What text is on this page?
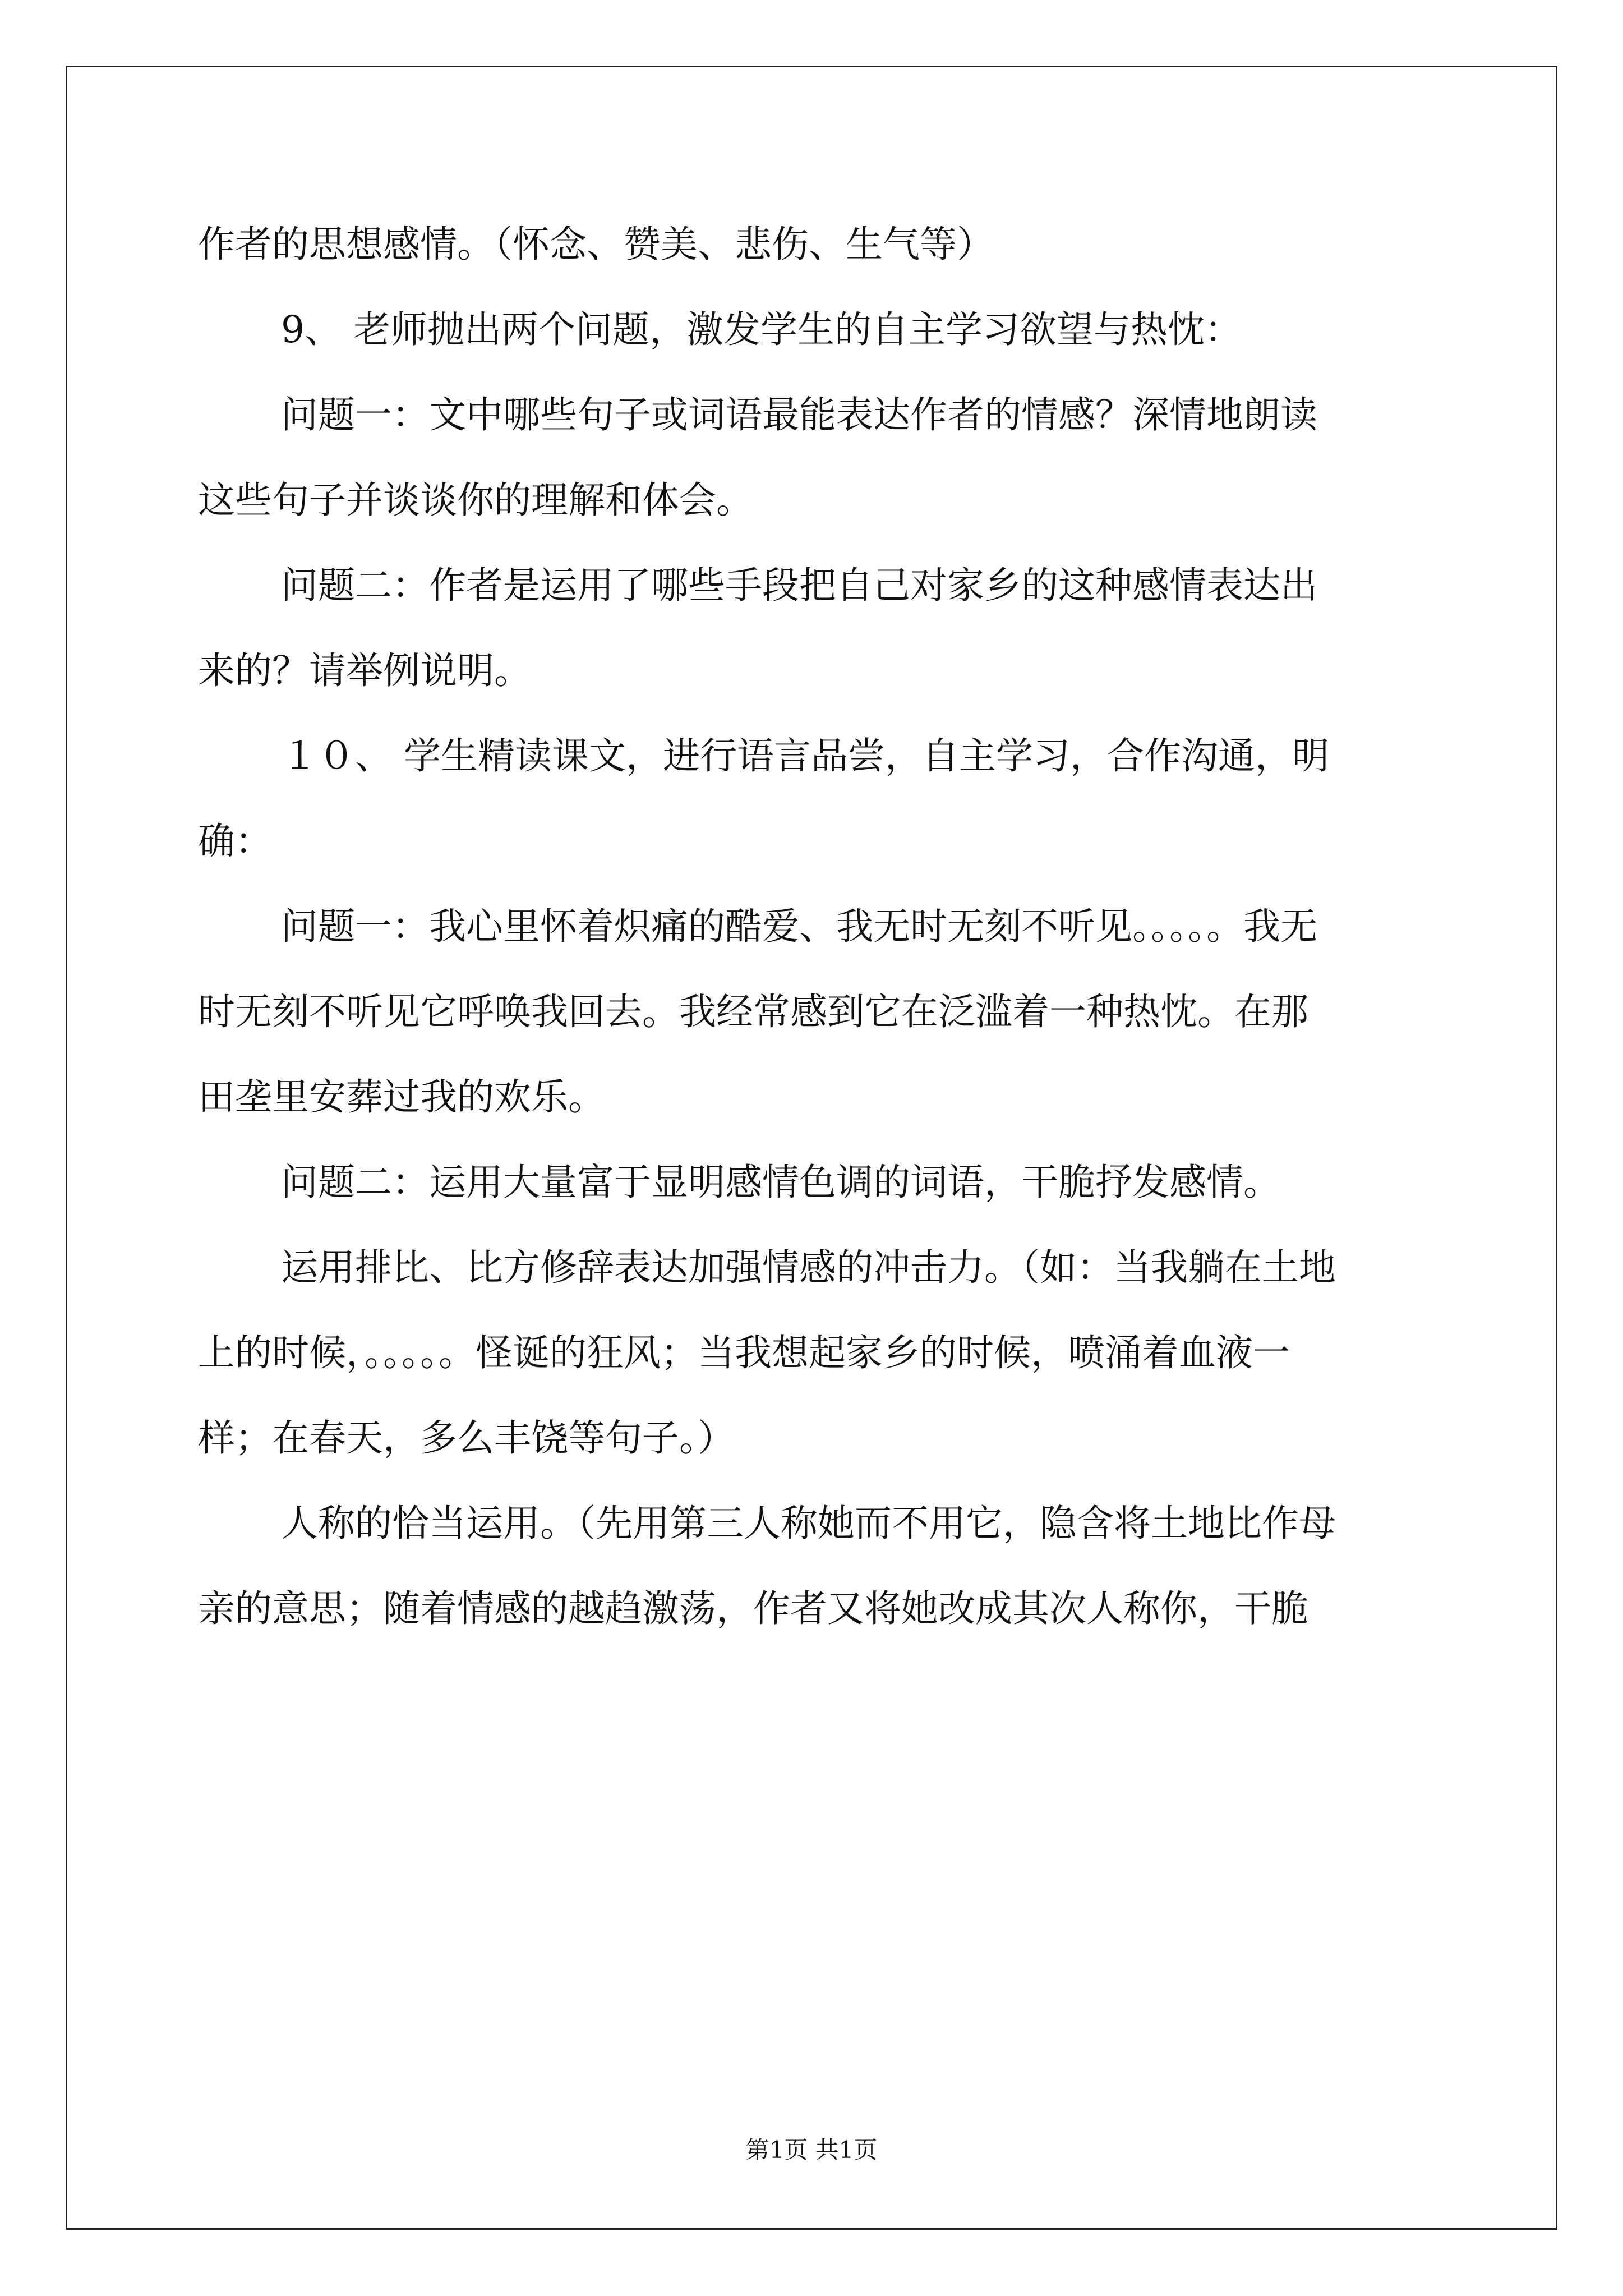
作者的思想感情。（怀念、赞美、悲伤、生气等）

9、 老师抛出两个问题，激发学生的自主学习欲望与热忱：

问题一：文中哪些句子或词语最能表达作者的情感？深情地朗读

这些句子并谈谈你的理解和体会。

问题二：作者是运用了哪些手段把自己对家乡的这种感情表达出

来的？请举例说明。

１０、 学生精读课文，进行语言品尝，自主学习，合作沟通，明

确：

问题一：我心里怀着炽痛的酷爱、我无时无刻不听见。。。。。我无

时无刻不听见它呼唤我回去。我经常感到它在泛滥着一种热忱。在那

田垄里安葬过我的欢乐。

问题二：运用大量富于显明感情色调的词语，干脆抒发感情。

运用排比、比方修辞表达加强情感的冲击力。（如：当我躺在土地

上的时候，。。。。。怪诞的狂风；当我想起家乡的时候，喷涌着血液一

样；在春天，多么丰饶等句子。）

人称的恰当运用。（先用第三人称她而不用它，隐含将土地比作母

亲的意思；随着情感的越趋激荡，作者又将她改成其次人称你，干脆

第1页 共1页
